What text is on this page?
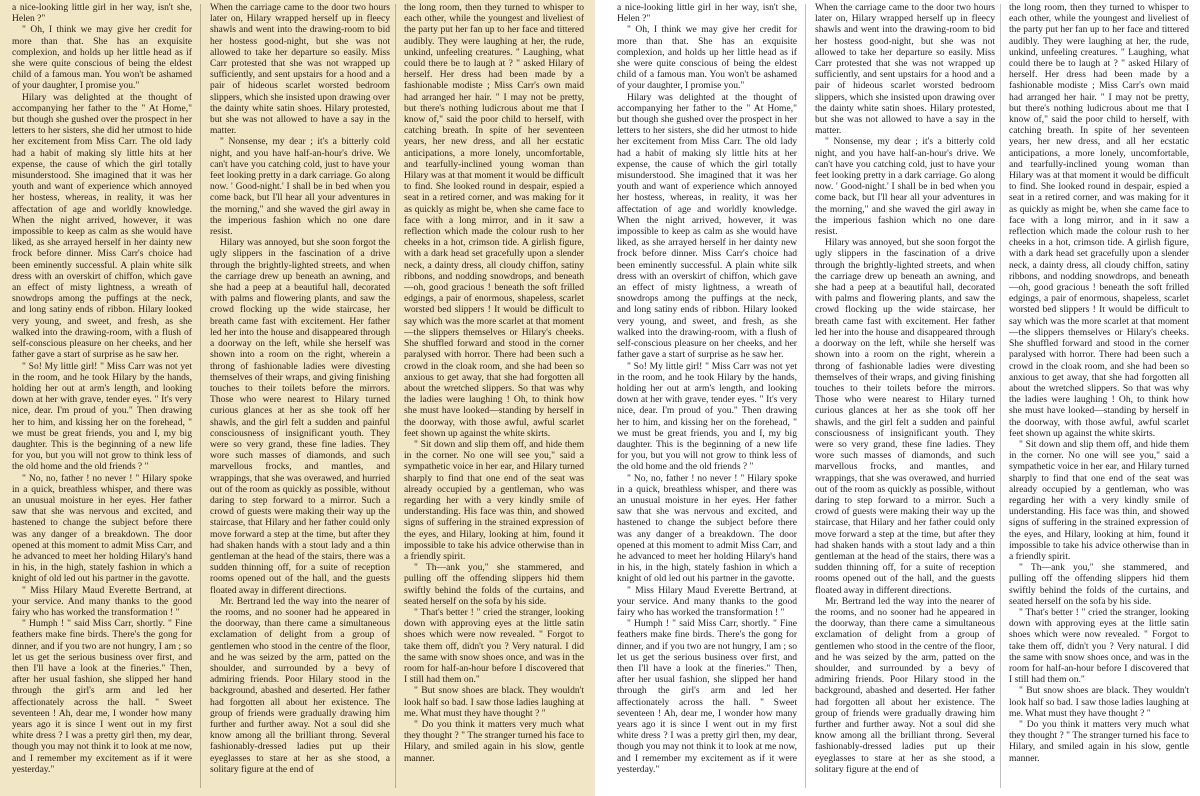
a nice-looking little girl in her way, isn't she, Helen ?"

" Oh, I think we may give her credit for more than that. She has an exquisite complexion, and holds up her little head as if she were quite conscious of being the eldest child of a famous man. You won't be ashamed of your daughter, I promise you."

Hilary was delighted at the thought of accompanying her father to the " At Home," but though she gushed over the prospect in her letters to her sisters, she did her utmost to hide her excitement from Miss Carr. The old lady had a habit of making sly little hits at her expense, the cause of which the girl totally misunderstood. She imagined that it was her youth and want of experience which annoyed her hostess, whereas, in reality, it was her affectation of age and worldly knowledge. When the night arrived, however, it was impossible to keep as calm as she would have liked, as she arrayed herself in her dainty new frock before dinner. Miss Carr's choice had been eminently successful. A plain white silk dress with an overskirt of chiffon, which gave an effect of misty lightness, a wreath of snowdrops among the puffings at the neck, and long satiny ends of ribbon. Hilary looked very young, and sweet, and fresh, as she walked into the drawing-room, with a flush of self-conscious pleasure on her cheeks, and her father gave a start of surprise as he saw her.

" So! My little girl! " Miss Carr was not yet in the room, and he took Hilary by the hands, holding her out at arm's length, and looking down at her with grave, tender eyes. " It's very nice, dear. I'm proud of you." Then drawing her to him, and kissing her on the forehead, " we must be great friends, you and I, my big daughter. This is the beginning of a new life for you, but you will not grow to think less of the old home and the old friends ? "

" No, no, father ! no never ! " Hilary spoke in a quick, breathless whisper, and there was an unusual moisture in her eyes. Her father saw that she was nervous and excited, and hastened to change the subject before there was any danger of a breakdown. The door opened at this moment to admit Miss Carr, and he advanced to meet her holding Hilary's hand in his, in the high, stately fashion in which a knight of old led out his partner in the gavotte.

" Miss Hilary Maud Everette Bertrand, at your service. And many thanks to the good fairy who has worked the transformation ! "

" Humph ! " said Miss Carr, shortly. " Fine feathers make fine birds. There's the gong for dinner, and if you two are not hungry, I am ; so let us get the serious business over first, and then I'll have a look at the fineries." Then, after her usual fashion, she slipped her hand through the girl's arm and led her affectionately across the hall. " Sweet seventeen ! Ah, dear me, I wonder how many years ago it is since I went out in my first white dress ? I was a pretty girl then, my dear, though you may not think it to look at me now, and I remember my excitement as if it were yesterday."

When the carriage came to the door two hours later on, Hilary wrapped herself up in fleecy shawls and went into the drawing-room to bid her hostess good-night, but she was not allowed to take her departure so easily. Miss Carr protested that she was not wrapped up sufficiently, and sent upstairs for a hood and a pair of hideous scarlet worsted bedroom slippers, which she insisted upon drawing over the dainty white satin shoes. Hilary protested, but she was not allowed to have a say in the matter.

" Nonsense, my dear ; it's a bitterly cold night, and you have half-an-hour's drive. We can't have you catching cold, just to have your feet looking pretty in a dark carriage. Go along now. ' Good-night.' I shall be in bed when you come back, but I'll hear all your adventures in the morning," and she waved the girl away in the imperious fashion which no one dare resist.

Hilary was annoyed, but she soon forgot the ugly slippers in the fascination of a drive through the brightly-lighted streets, and when the carriage drew up beneath an awning, and she had a peep at a beautiful hall, decorated with palms and flowering plants, and saw the crowd flocking up the wide staircase, her breath came fast with excitement. Her father led her into the house and disappeared through a doorway on the left, while she herself was shown into a room on the right, wherein a throng of fashionable ladies were divesting themselves of their wraps, and giving finishing touches to their toilets before the mirrors. Those who were nearest to Hilary turned curious glances at her as she took off her shawls, and the girl felt a sudden and painful consciousness of insignificant youth. They were so very grand, these fine ladies. They wore such masses of diamonds, and such marvellous frocks, and mantles, and wrappings, that she was overawed, and hurried out of the room as quickly as possible, without daring to step forward to a mirror. Such a crowd of guests were making their way up the staircase, that Hilary and her father could only move forward a step at the time, but after they had shaken hands with a stout lady and a thin gentleman at the head of the stairs, there was a sudden thinning off, for a suite of reception rooms opened out of the hall, and the guests floated away in different directions.

Mr. Bertrand led the way into the nearer of the rooms, and no sooner had he appeared in the doorway, than there came a simultaneous exclamation of delight from a group of gentlemen who stood in the centre of the floor, and he was seized by the arm, patted on the shoulder, and surrounded by a bevy of admiring friends. Poor Hilary stood in the background, abashed and deserted. Her father had forgotten all about her existence. The group of friends were gradually drawing him further and further away. Not a soul did she know among all the brilliant throng. Several fashionably-dressed ladies put up their eyeglasses to stare at her as she stood, a solitary figure at the end of

the long room, then they turned to whisper to each other, while the youngest and liveliest of the party put her fan up to her face and tittered audibly. They were laughing at her, the rude, unkind, unfeeling creatures. " Laughing, what could there be to laugh at ? " asked Hilary of herself. Her dress had been made by a fashionable modiste ; Miss Carr's own maid had arranged her hair. " I may not be pretty, but there's nothing ludicrous about me that I know of," said the poor child to herself, with catching breath. In spite of her seventeen years, her new dress, and all her ecstatic anticipations, a more lonely, uncomfortable, and tearfully-inclined young woman than Hilary was at that moment it would be difficult to find. She looked round in despair, espied a seat in a retired corner, and was making for it as quickly as might be, when she came face to face with a long mirror, and in it saw a reflection which made the colour rush to her cheeks in a hot, crimson tide. A girlish figure, with a dark head set gracefully upon a slender neck, a dainty dress, all cloudy chiffon, satiny ribbons, and nodding snowdrops, and beneath—oh, good gracious ! beneath the soft frilled edgings, a pair of enormous, shapeless, scarlet worsted bed slippers ! It would be difficult to say which was the more scarlet at that moment—the slippers themselves or Hilary's cheeks. She shuffled forward and stood in the corner paralysed with horror. There had been such a crowd in the cloak room, and she had been so anxious to get away, that she had forgotten all about the wretched slippers. So that was why the ladies were laughing ! Oh, to think how she must have looked—standing by herself in the doorway, with those awful, awful scarlet feet shown up against the white skirts.

" Sit down and slip them off, and hide them in the corner. No one will see you," said a sympathetic voice in her ear, and Hilary turned sharply to find that one end of the seat was already occupied by a gentleman, who was regarding her with a very kindly smile of understanding. His face was thin, and showed signs of suffering in the strained expression of the eyes, and Hilary, looking at him, found it impossible to take his advice otherwise than in a friendly spirit.

" Th—ank you," she stammered, and pulling off the offending slippers hid them swiftly behind the folds of the curtains, and seated herself on the sofa by his side.

" That's better ! " cried the stranger, looking down with approving eyes at the little satin shoes which were now revealed. " Forgot to take them off, didn't you ? Very natural. I did the same with snow shoes once, and was in the room for half-an-hour before I discovered that I still had them on."

" But snow shoes are black. They wouldn't look half so bad. I saw those ladies laughing at me. What must they have thought ? "

" Do you think it matters very much what they thought ? " The stranger turned his face to Hilary, and smiled again in his slow, gentle manner.

a nice-looking little girl in her way, isn't she, Helen ?"

" Oh, I think we may give her credit for more than that. She has an exquisite complexion, and holds up her little head as if she were quite conscious of being the eldest child of a famous man. You won't be ashamed of your daughter, I promise you."

Hilary was delighted at the thought of accompanying her father to the " At Home," but though she gushed over the prospect in her letters to her sisters, she did her utmost to hide her excitement from Miss Carr. The old lady had a habit of making sly little hits at her expense, the cause of which the girl totally misunderstood. She imagined that it was her youth and want of experience which annoyed her hostess, whereas, in reality, it was her affectation of age and worldly knowledge. When the night arrived, however, it was impossible to keep as calm as she would have liked, as she arrayed herself in her dainty new frock before dinner. Miss Carr's choice had been eminently successful. A plain white silk dress with an overskirt of chiffon, which gave an effect of misty lightness, a wreath of snowdrops among the puffings at the neck, and long satiny ends of ribbon. Hilary looked very young, and sweet, and fresh, as she walked into the drawing-room, with a flush of self-conscious pleasure on her cheeks, and her father gave a start of surprise as he saw her.

" So! My little girl! " Miss Carr was not yet in the room, and he took Hilary by the hands, holding her out at arm's length, and looking down at her with grave, tender eyes. " It's very nice, dear. I'm proud of you." Then drawing her to him, and kissing her on the forehead, " we must be great friends, you and I, my big daughter. This is the beginning of a new life for you, but you will not grow to think less of the old home and the old friends ? "

" No, no, father ! no never ! " Hilary spoke in a quick, breathless whisper, and there was an unusual moisture in her eyes. Her father saw that she was nervous and excited, and hastened to change the subject before there was any danger of a breakdown. The door opened at this moment to admit Miss Carr, and he advanced to meet her holding Hilary's hand in his, in the high, stately fashion in which a knight of old led out his partner in the gavotte.

" Miss Hilary Maud Everette Bertrand, at your service. And many thanks to the good fairy who has worked the transformation ! "

" Humph ! " said Miss Carr, shortly. " Fine feathers make fine birds. There's the gong for dinner, and if you two are not hungry, I am ; so let us get the serious business over first, and then I'll have a look at the fineries." Then, after her usual fashion, she slipped her hand through the girl's arm and led her affectionately across the hall. " Sweet seventeen ! Ah, dear me, I wonder how many years ago it is since I went out in my first white dress ? I was a pretty girl then, my dear, though you may not think it to look at me now, and I remember my excitement as if it were yesterday."

When the carriage came to the door two hours later on, Hilary wrapped herself up in fleecy shawls and went into the drawing-room to bid her hostess good-night, but she was not allowed to take her departure so easily. Miss Carr protested that she was not wrapped up sufficiently, and sent upstairs for a hood and a pair of hideous scarlet worsted bedroom slippers, which she insisted upon drawing over the dainty white satin shoes. Hilary protested, but she was not allowed to have a say in the matter.

" Nonsense, my dear ; it's a bitterly cold night, and you have half-an-hour's drive. We can't have you catching cold, just to have your feet looking pretty in a dark carriage. Go along now. ' Good-night.' I shall be in bed when you come back, but I'll hear all your adventures in the morning," and she waved the girl away in the imperious fashion which no one dare resist.

Hilary was annoyed, but she soon forgot the ugly slippers in the fascination of a drive through the brightly-lighted streets, and when the carriage drew up beneath an awning, and she had a peep at a beautiful hall, decorated with palms and flowering plants, and saw the crowd flocking up the wide staircase, her breath came fast with excitement. Her father led her into the house and disappeared through a doorway on the left, while she herself was shown into a room on the right, wherein a throng of fashionable ladies were divesting themselves of their wraps, and giving finishing touches to their toilets before the mirrors. Those who were nearest to Hilary turned curious glances at her as she took off her shawls, and the girl felt a sudden and painful consciousness of insignificant youth. They were so very grand, these fine ladies. They wore such masses of diamonds, and such marvellous frocks, and mantles, and wrappings, that she was overawed, and hurried out of the room as quickly as possible, without daring to step forward to a mirror. Such a crowd of guests were making their way up the staircase, that Hilary and her father could only move forward a step at the time, but after they had shaken hands with a stout lady and a thin gentleman at the head of the stairs, there was a sudden thinning off, for a suite of reception rooms opened out of the hall, and the guests floated away in different directions.

Mr. Bertrand led the way into the nearer of the rooms, and no sooner had he appeared in the doorway, than there came a simultaneous exclamation of delight from a group of gentlemen who stood in the centre of the floor, and he was seized by the arm, patted on the shoulder, and surrounded by a bevy of admiring friends. Poor Hilary stood in the background, abashed and deserted. Her father had forgotten all about her existence. The group of friends were gradually drawing him further and further away. Not a soul did she know among all the brilliant throng. Several fashionably-dressed ladies put up their eyeglasses to stare at her as she stood, a solitary figure at the end of

the long room, then they turned to whisper to each other, while the youngest and liveliest of the party put her fan up to her face and tittered audibly. They were laughing at her, the rude, unkind, unfeeling creatures. " Laughing, what could there be to laugh at ? " asked Hilary of herself. Her dress had been made by a fashionable modiste ; Miss Carr's own maid had arranged her hair. " I may not be pretty, but there's nothing ludicrous about me that I know of," said the poor child to herself, with catching breath. In spite of her seventeen years, her new dress, and all her ecstatic anticipations, a more lonely, uncomfortable, and tearfully-inclined young woman than Hilary was at that moment it would be difficult to find. She looked round in despair, espied a seat in a retired corner, and was making for it as quickly as might be, when she came face to face with a long mirror, and in it saw a reflection which made the colour rush to her cheeks in a hot, crimson tide. A girlish figure, with a dark head set gracefully upon a slender neck, a dainty dress, all cloudy chiffon, satiny ribbons, and nodding snowdrops, and beneath—oh, good gracious ! beneath the soft frilled edgings, a pair of enormous, shapeless, scarlet worsted bed slippers ! It would be difficult to say which was the more scarlet at that moment—the slippers themselves or Hilary's cheeks. She shuffled forward and stood in the corner paralysed with horror. There had been such a crowd in the cloak room, and she had been so anxious to get away, that she had forgotten all about the wretched slippers. So that was why the ladies were laughing ! Oh, to think how she must have looked—standing by herself in the doorway, with those awful, awful scarlet feet shown up against the white skirts.

" Sit down and slip them off, and hide them in the corner. No one will see you," said a sympathetic voice in her ear, and Hilary turned sharply to find that one end of the seat was already occupied by a gentleman, who was regarding her with a very kindly smile of understanding. His face was thin, and showed signs of suffering in the strained expression of the eyes, and Hilary, looking at him, found it impossible to take his advice otherwise than in a friendly spirit.

" Th—ank you," she stammered, and pulling off the offending slippers hid them swiftly behind the folds of the curtains, and seated herself on the sofa by his side.

" That's better ! " cried the stranger, looking down with approving eyes at the little satin shoes which were now revealed. " Forgot to take them off, didn't you ? Very natural. I did the same with snow shoes once, and was in the room for half-an-hour before I discovered that I still had them on."

" But snow shoes are black. They wouldn't look half so bad. I saw those ladies laughing at me. What must they have thought ? "

" Do you think it matters very much what they thought ? " The stranger turned his face to Hilary, and smiled again in his slow, gentle manner.
